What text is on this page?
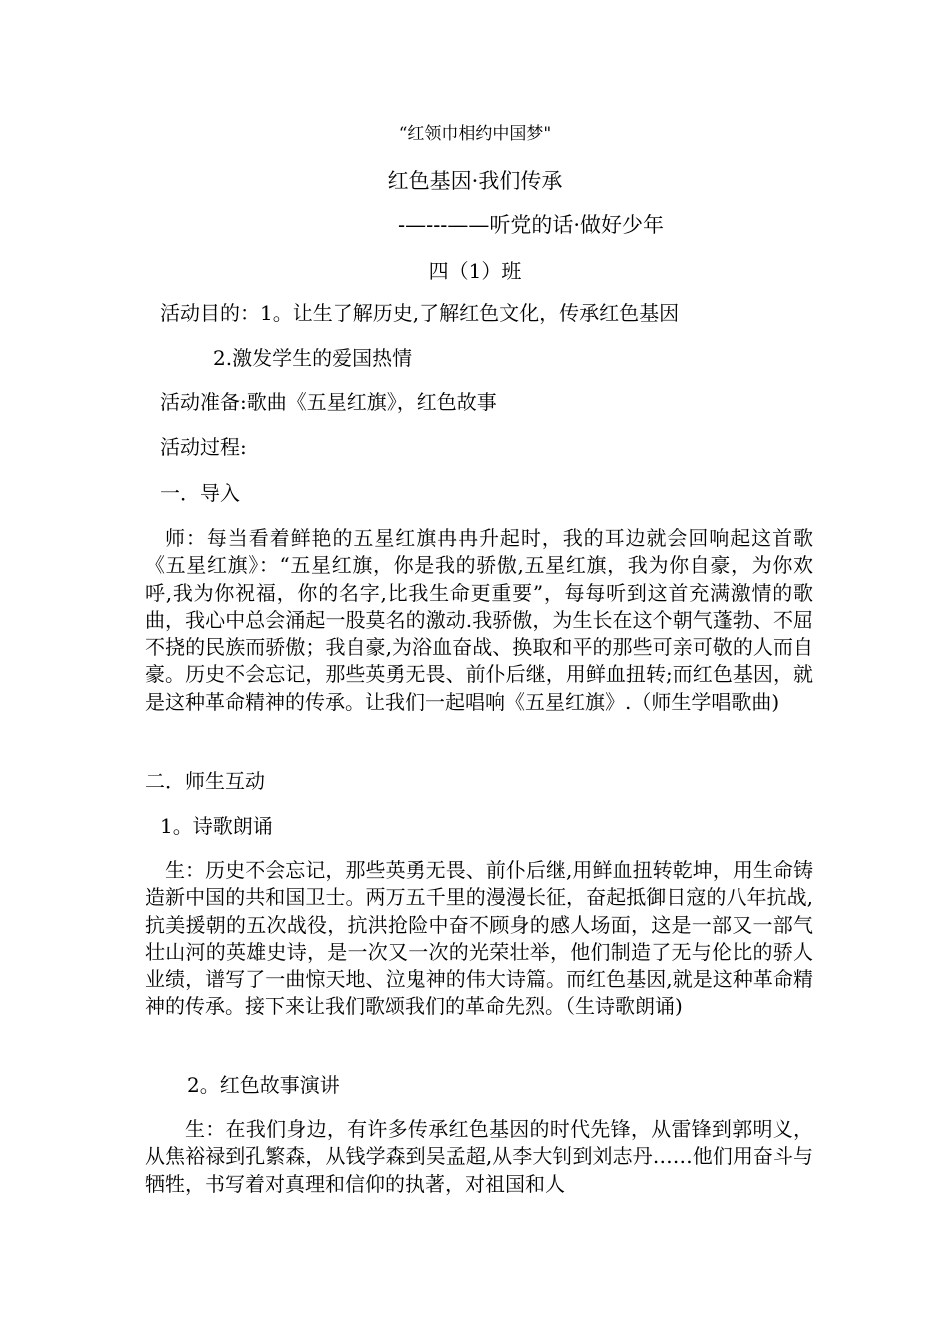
“红领巾相约中国梦"
红色基因·我们传承
-—---——听党的话·做好少年
四（1）班
活动目的：1。让生了解历史,了解红色文化，传承红色基因
2.激发学生的爱国热情
活动准备:歌曲《五星红旗》，红色故事
活动过程:
一．导入
师：每当看着鲜艳的五星红旗冉冉升起时，我的耳边就会回响起这首歌《五星红旗》：“五星红旗，你是我的骄傲,五星红旗，我为你自豪，为你欢呼,我为你祝福，你的名字,比我生命更重要”，每每听到这首充满激情的歌曲，我心中总会涌起一股莫名的激动.我骄傲，为生长在这个朝气蓬勃、不屈不挠的民族而骄傲；我自豪,为浴血奋战、换取和平的那些可亲可敬的人而自豪。历史不会忘记，那些英勇无畏、前仆后继，用鲜血扭转;而红色基因，就是这种革命精神的传承。让我们一起唱响《五星红旗》.（师生学唱歌曲)
二．师生互动
1。诗歌朗诵
生：历史不会忘记，那些英勇无畏、前仆后继,用鲜血扭转乾坤，用生命铸造新中国的共和国卫士。两万五千里的漫漫长征，奋起抵御日寇的八年抗战,抗美援朝的五次战役，抗洪抢险中奋不顾身的感人场面，这是一部又一部气壮山河的英雄史诗，是一次又一次的光荣壮举，他们制造了无与伦比的骄人业绩，谱写了一曲惊天地、泣鬼神的伟大诗篇。而红色基因,就是这种革命精神的传承。接下来让我们歌颂我们的革命先烈。（生诗歌朗诵)
2。红色故事演讲
生：在我们身边，有许多传承红色基因的时代先锋，从雷锋到郭明义，从焦裕禄到孔繁森，从钱学森到吴孟超,从李大钊到刘志丹……他们用奋斗与牺牲，书写着对真理和信仰的执著，对祖国和人
